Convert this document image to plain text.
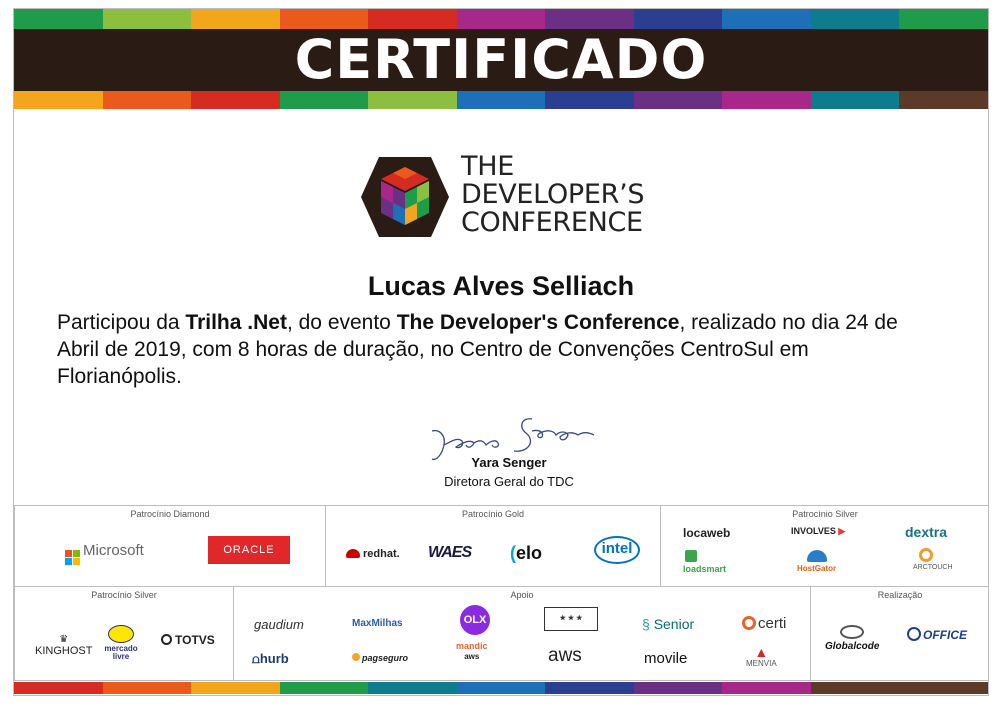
CERTIFICADO
THE
DEVELOPER’S
CONFERENCE
Lucas Alves Selliach
Participou da Trilha .Net, do evento The Developer's Conference, realizado no dia 24 de Abril de 2019, com 8 horas de duração, no Centro de Convenções CentroSul em Florianópolis.
Yara Senger
Diretora Geral do TDC
Patrocínio Diamond
Microsoft	ORACLE
Patrocínio Gold
redhat. WAES (elo	intel
Patrocínio Silver
locaweb	INVOLVES ▶	dextra
loadsmart	HostGator	ARCTOUCH
Patrocínio Silver
♛
KINGHOST	mercado livre
TOTVS
Apoio
gaudium	MaxMilhas	OLX	★ ★ ★	§ Senior	certi
⩍hurb	pagseguro
mandic
aws	aws	movile	▲
MENVIA
Realização
Globalcode
OFFICE
